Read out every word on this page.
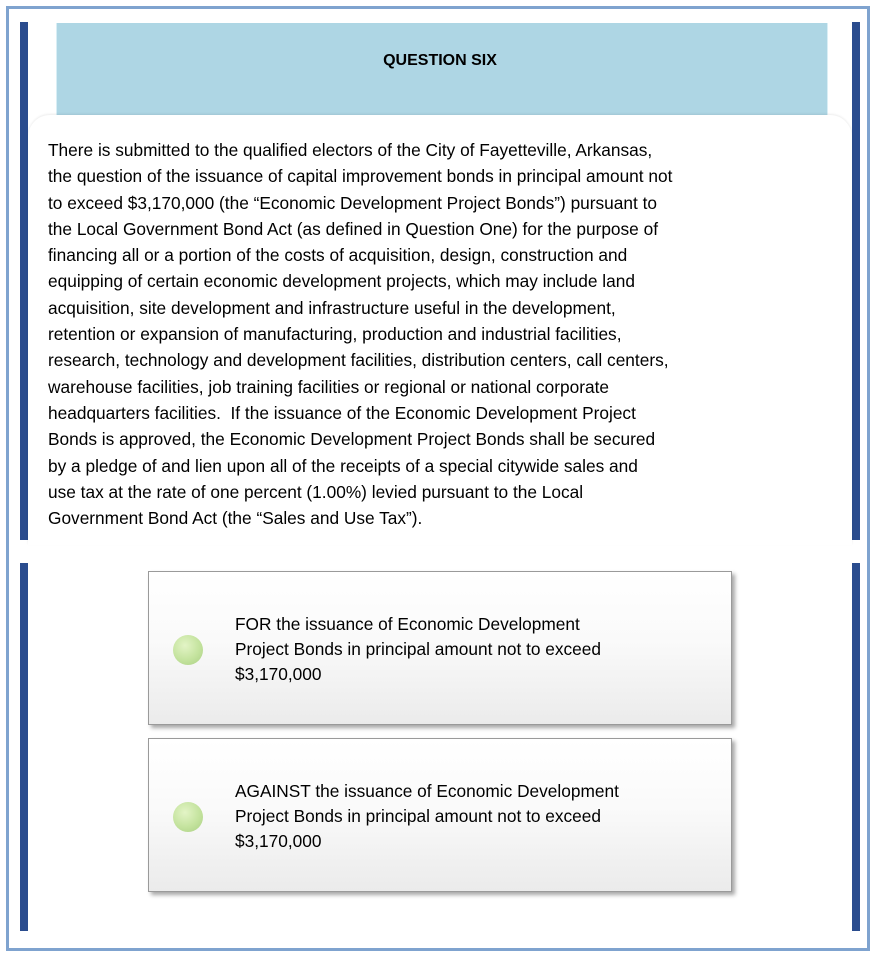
QUESTION SIX

There is submitted to the qualified electors of the City of Fayetteville, Arkansas,
the question of the issuance of capital improvement bonds in principal amount not
to exceed $3,170,000 (the “Economic Development Project Bonds”) pursuant to
the Local Government Bond Act (as defined in Question One) for the purpose of
financing all or a portion of the costs of acquisition, design, construction and
equipping of certain economic development projects, which may include land
acquisition, site development and infrastructure useful in the development,
retention or expansion of manufacturing, production and industrial facilities,
research, technology and development facilities, distribution centers, call centers,
warehouse facilities, job training facilities or regional or national corporate
headquarters facilities.  If the issuance of the Economic Development Project
Bonds is approved, the Economic Development Project Bonds shall be secured
by a pledge of and lien upon all of the receipts of a special citywide sales and
use tax at the rate of one percent (1.00%) levied pursuant to the Local
Government Bond Act (the “Sales and Use Tax”).

FOR the issuance of Economic Development
Project Bonds in principal amount not to exceed
$3,170,000
AGAINST the issuance of Economic Development
Project Bonds in principal amount not to exceed
$3,170,000
